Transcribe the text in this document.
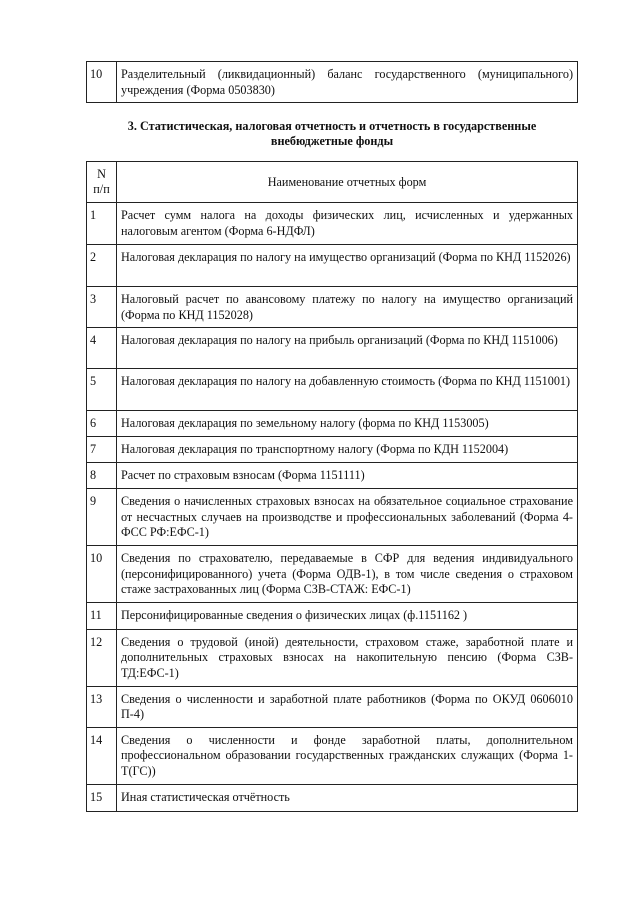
10	Разделительный (ликвидационный) баланс государственного (муниципального) учреждения (Форма 0503830)
3. Статистическая, налоговая отчетность и отчетность в государственные внебюджетные фонды
N
п/п	Наименование отчетных форм
1	Расчет сумм налога на доходы физических лиц, исчисленных и удержанных налоговым агентом (Форма 6-НДФЛ)
2	Налоговая декларация по налогу на имущество организаций (Форма по КНД 1152026)
3	Налоговый расчет по авансовому платежу по налогу на имущество организаций (Форма по КНД 1152028)
4	Налоговая декларация по налогу на прибыль организаций (Форма по КНД 1151006)
5	Налоговая декларация по налогу на добавленную стоимость (Форма по КНД 1151001)
6	Налоговая декларация по земельному налогу (форма по КНД 1153005)
7	Налоговая декларация по транспортному налогу (Форма по КДН 1152004)
8	Расчет по страховым взносам (Форма 1151111)
9	Сведения о начисленных страховых взносах на обязательное социальное страхование от несчастных случаев на производстве и профессиональных заболеваний (Форма 4-ФСС РФ:ЕФС-1)
10	Сведения по страхователю, передаваемые в СФР для ведения индивидуального (персонифицированного) учета (Форма ОДВ-1), в том числе сведения о страховом стаже застрахованных лиц (Форма СЗВ-СТАЖ: ЕФС-1)
11	Персонифицированные сведения о физических лицах (ф.1151162 )
12	Сведения о трудовой (иной) деятельности, страховом стаже, заработной плате и дополнительных страховых взносах на накопительную пенсию (Форма СЗВ-ТД:ЕФС-1)
13	Сведения о численности и заработной плате работников (Форма по ОКУД 0606010 П-4)
14	Сведения о численности и фонде заработной платы, дополнительном профессиональном образовании государственных гражданских служащих (Форма 1-Т(ГС))
15	Иная статистическая отчётность
